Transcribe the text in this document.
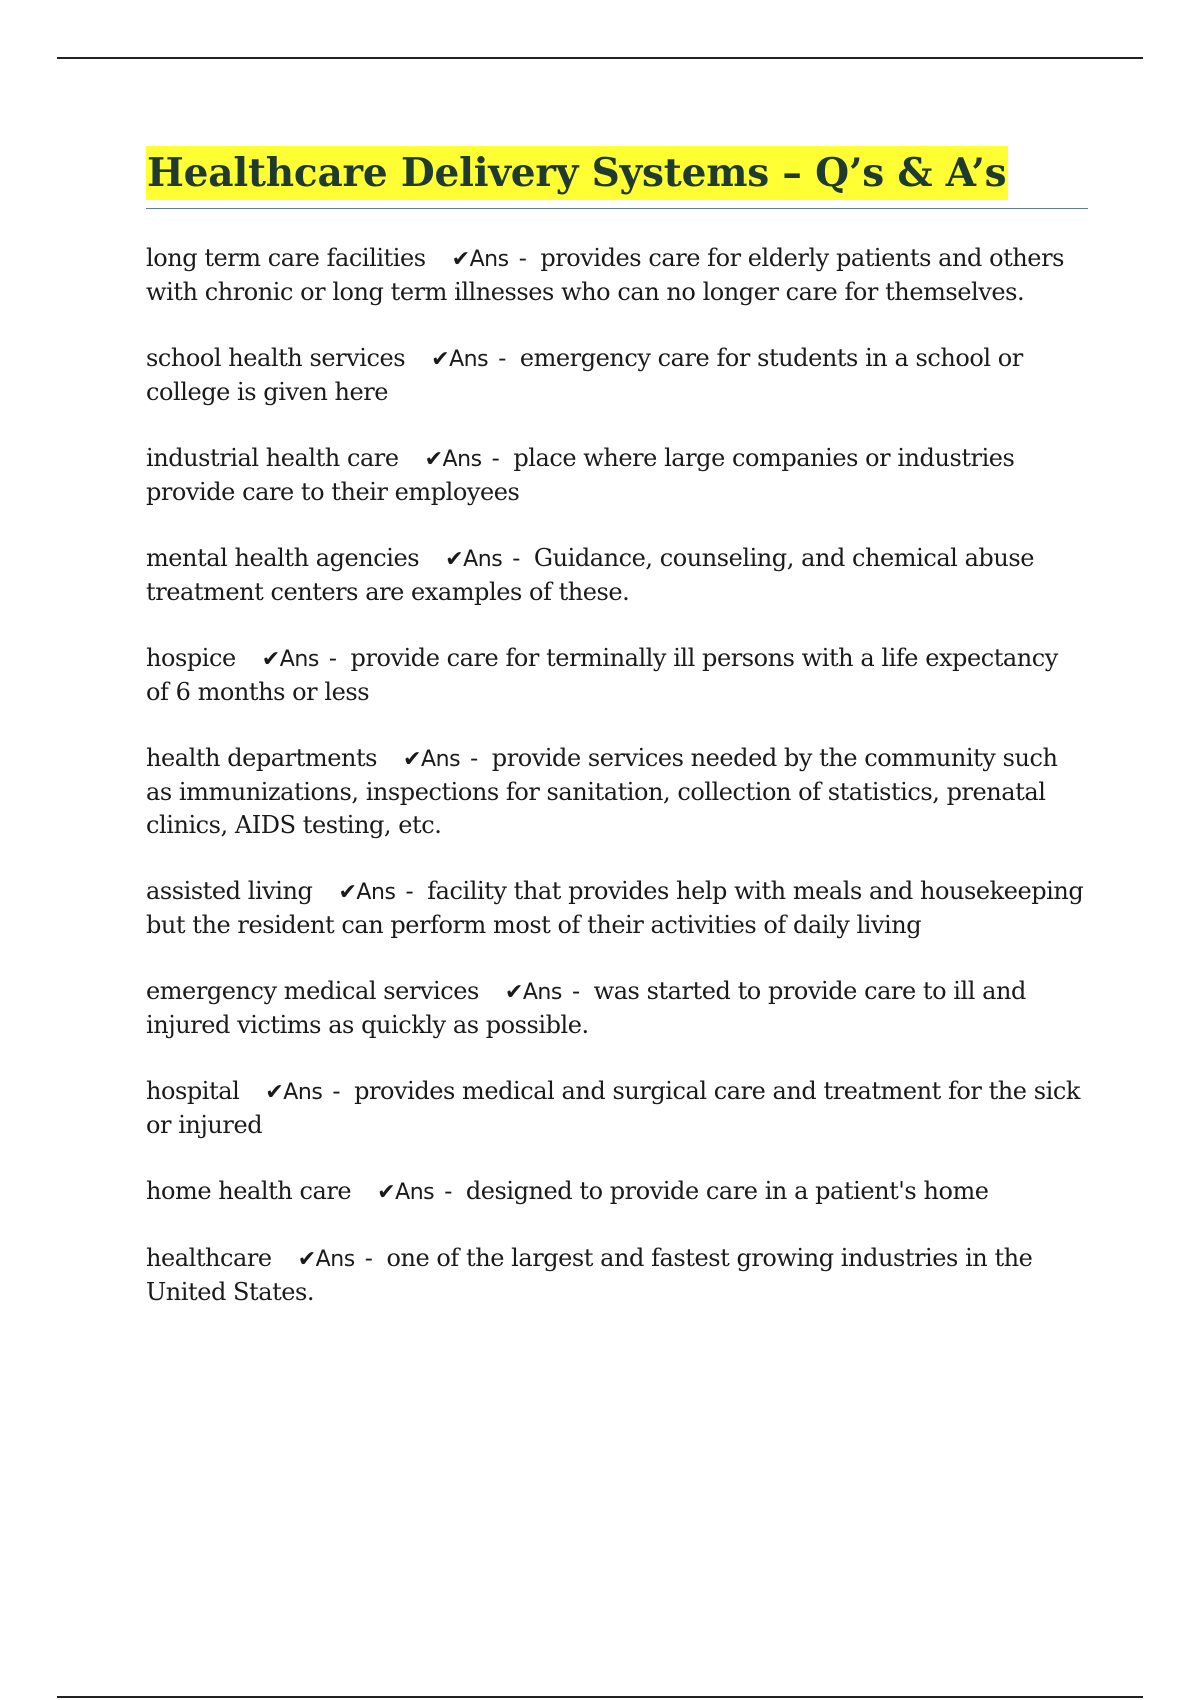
Healthcare Delivery Systems – Q’s & A’s
long term care facilities ✔Ans - provides care for elderly patients and others with chronic or long term illnesses who can no longer care for themselves.
school health services ✔Ans - emergency care for students in a school or college is given here
industrial health care ✔Ans - place where large companies or industries provide care to their employees
mental health agencies ✔Ans - Guidance, counseling, and chemical abuse treatment centers are examples of these.
hospice ✔Ans - provide care for terminally ill persons with a life expectancy of 6 months or less
health departments ✔Ans - provide services needed by the community such as immunizations, inspections for sanitation, collection of statistics, prenatal clinics, AIDS testing, etc.
assisted living ✔Ans - facility that provides help with meals and housekeeping but the resident can perform most of their activities of daily living
emergency medical services ✔Ans - was started to provide care to ill and injured victims as quickly as possible.
hospital ✔Ans - provides medical and surgical care and treatment for the sick or injured
home health care ✔Ans - designed to provide care in a patient's home
healthcare ✔Ans - one of the largest and fastest growing industries in the United States.
